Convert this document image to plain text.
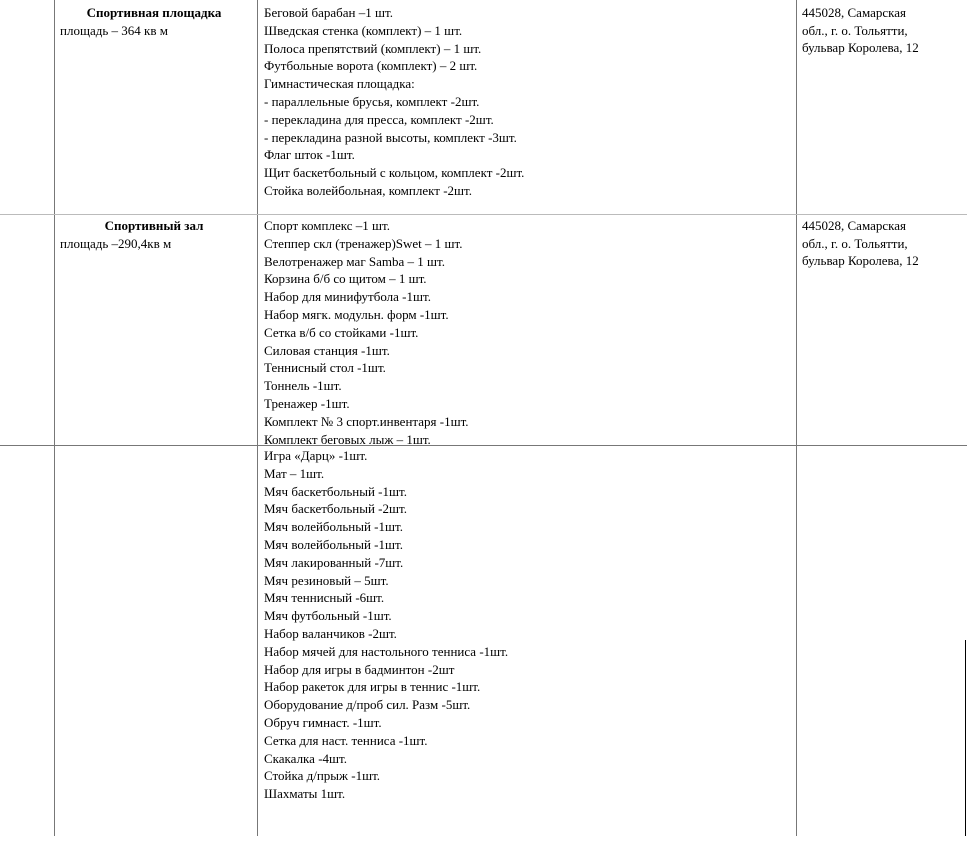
Спортивная площадка
площадь – 364 кв м
Беговой барабан –1 шт.
Шведская стенка (комплект) – 1 шт.
Полоса препятствий (комплект) – 1 шт.
Футбольные ворота (комплект) – 2 шт.
Гимнастическая площадка:
- параллельные брусья, комплект -2шт.
- перекладина для пресса, комплект -2шт.
- перекладина разной высоты, комплект -3шт.
Флаг шток -1шт.
Щит баскетбольный с кольцом, комплект -2шт.
Стойка волейбольная, комплект -2шт.
445028, Самарская
обл., г. о. Тольятти,
бульвар Королева, 12
Спортивный зал
площадь –290,4кв м
Спорт комплекс –1 шт.
Степпер скл (тренажер)Swet – 1 шт.
Велотренажер маг Samba – 1 шт.
Корзина б/б со щитом – 1 шт.
Набор для минифутбола -1шт.
Набор мягк. модульн. форм -1шт.
Сетка в/б со стойками -1шт.
Силовая станция -1шт.
Теннисный стол -1шт.
Тоннель -1шт.
Тренажер -1шт.
Комплект № 3 спорт.инвентаря -1шт.
Комплект беговых лыж – 1шт.
445028, Самарская
обл., г. о. Тольятти,
бульвар Королева, 12
Игра «Дарц» -1шт.
Мат – 1шт.
Мяч баскетбольный -1шт.
Мяч баскетбольный -2шт.
Мяч волейбольный -1шт.
Мяч волейбольный -1шт.
Мяч лакированный -7шт.
Мяч резиновый – 5шт.
Мяч теннисный -6шт.
Мяч футбольный -1шт.
Набор валанчиков -2шт.
Набор мячей для настольного тенниса -1шт.
Набор для игры в бадминтон -2шт
Набор ракеток для игры в теннис -1шт.
Оборудование д/проб сил. Разм -5шт.
Обруч гимнаст. -1шт.
Сетка для наст. тенниса -1шт.
Скакалка -4шт.
Стойка д/прыж -1шт.
Шахматы 1шт.
